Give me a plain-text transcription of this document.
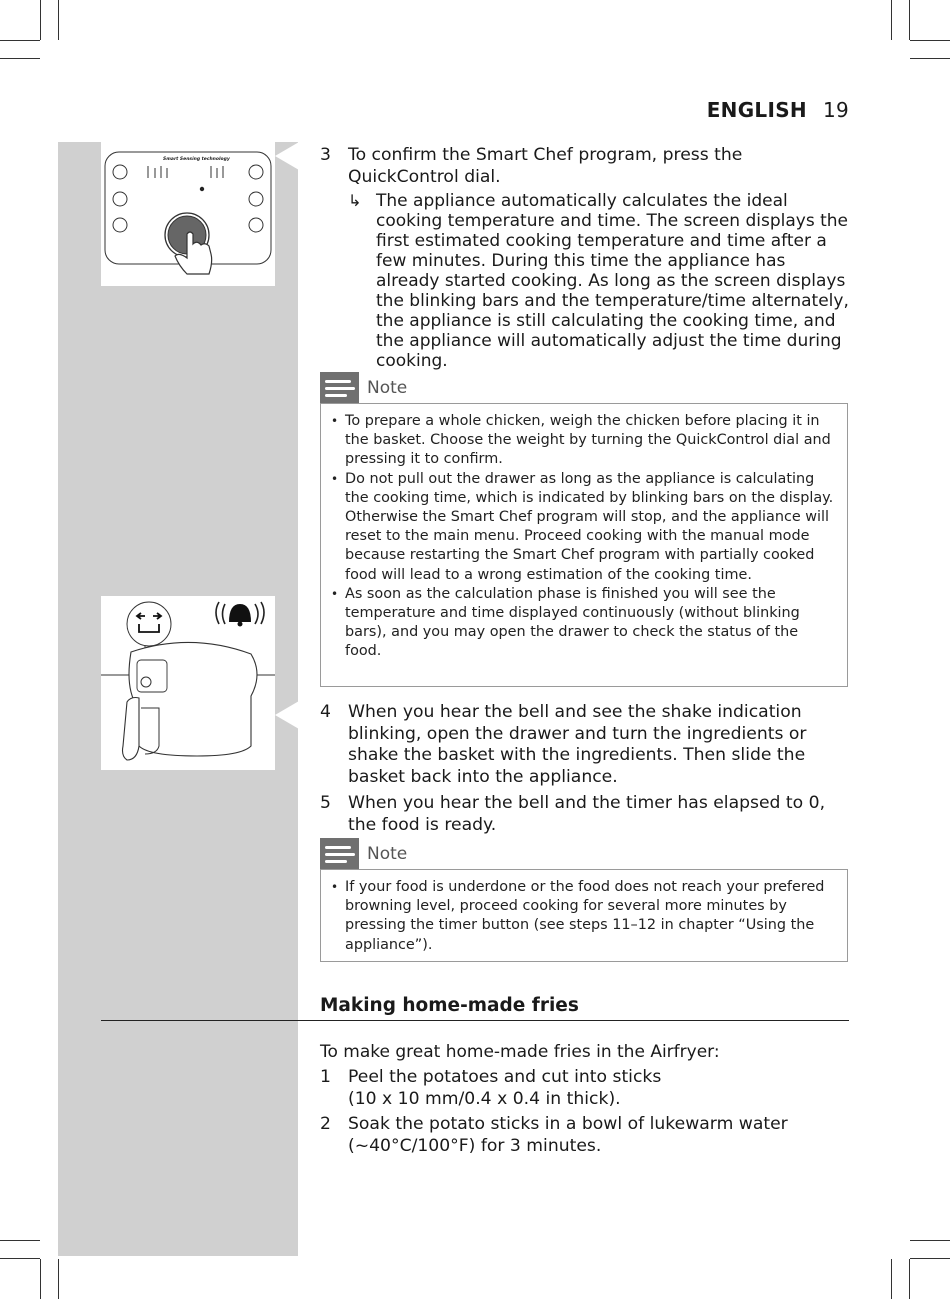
Smart Sensing technology
ENGLISH 19
3 To confirm the Smart Chef program, press the QuickControl dial.
↳ The appliance automatically calculates the ideal cooking temperature and time. The screen displays the first estimated cooking temperature and time after a few minutes. During this time the appliance has already started cooking. As long as the screen displays the blinking bars and the temperature/time alternately, the appliance is still calculating the cooking time, and the appliance will automatically adjust the time during cooking.
Note
• To prepare a whole chicken, weigh the chicken before placing it in the basket. Choose the weight by turning the QuickControl dial and pressing it to confirm.
• Do not pull out the drawer as long as the appliance is calculating the cooking time, which is indicated by blinking bars on the display. Otherwise the Smart Chef program will stop, and the appliance will reset to the main menu. Proceed cooking with the manual mode because restarting the Smart Chef program with partially cooked food will lead to a wrong estimation of the cooking time.
• As soon as the calculation phase is finished you will see the temperature and time displayed continuously (without blinking bars), and you may open the drawer to check the status of the food.
4 When you hear the bell and see the shake indication blinking, open the drawer and turn the ingredients or shake the basket with the ingredients. Then slide the basket back into the appliance.
5 When you hear the bell and the timer has elapsed to 0, the food is ready.
Note
• If your food is underdone or the food does not reach your prefered browning level, proceed cooking for several more minutes by pressing the timer button (see steps 11–12 in chapter “Using the appliance”).
Making home-made fries
To make great home-made fries in the Airfryer:
1 Peel the potatoes and cut into sticks
(10 x 10 mm/0.4 x 0.4 in thick).
2 Soak the potato sticks in a bowl of lukewarm water
(~40°C/100°F) for 3 minutes.
